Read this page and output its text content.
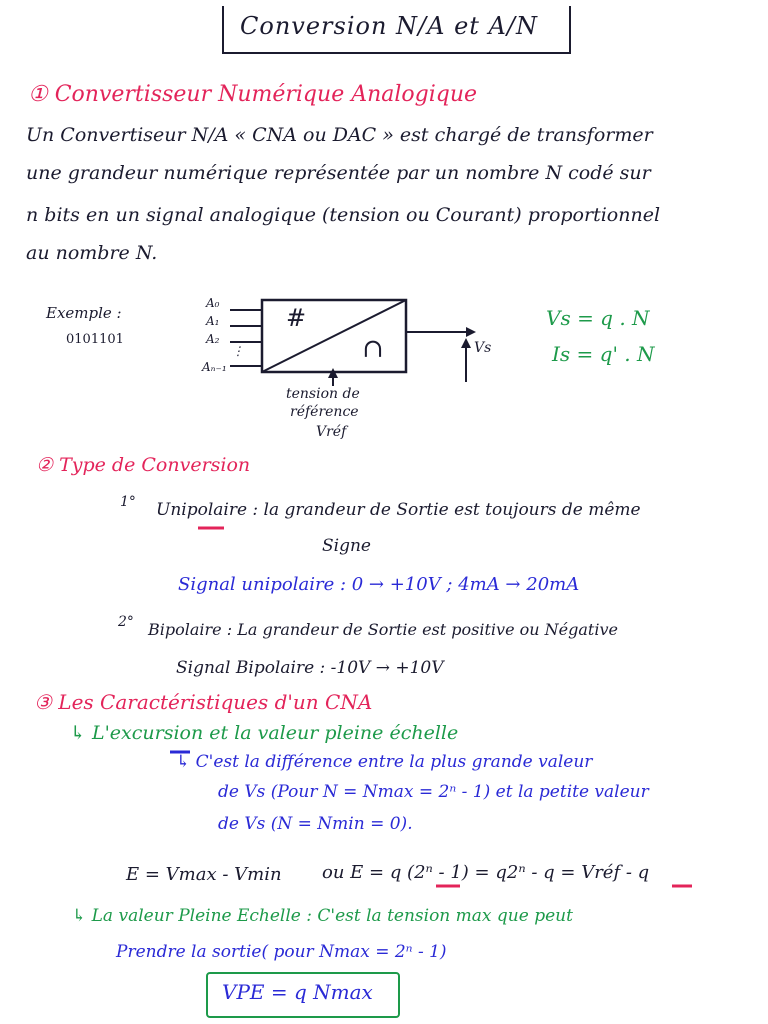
Conversion N/A et A/N
① Convertisseur Numérique Analogique
Un Convertiseur N/A « CNA ou DAC » est chargé de transformer
une grandeur numérique représentée par un nombre N codé sur
n bits en un signal analogique (tension ou Courant) proportionnel
au nombre N.
Exemple :
0101101
A₀
A₁
A₂
⋮
Aₙ₋₁
#
∩	Vs
tension de
référence
Vréf
Vs = q . N
Is = q' . N
② Type de Conversion
1° Unipolaire : la grandeur de Sortie est toujours de même
Signe
Signal unipolaire : 0 → +10V ; 4mA → 20mA
2° Bipolaire : La grandeur de Sortie est positive ou Négative
Signal Bipolaire : -10V → +10V
③ Les Caractéristiques d'un CNA
↳ L'excursion et la valeur pleine échelle
↳ C'est la différence entre la plus grande valeur
de Vs (Pour N = Nmax = 2ⁿ - 1) et la petite valeur
de Vs (N = Nmin = 0).
E = Vmax - Vmin ou E = q (2ⁿ - 1) = q2ⁿ - q = Vréf - q
↳ La valeur Pleine Echelle : C'est la tension max que peut
Prendre la sortie( pour Nmax = 2ⁿ - 1)
VPE = q Nmax
